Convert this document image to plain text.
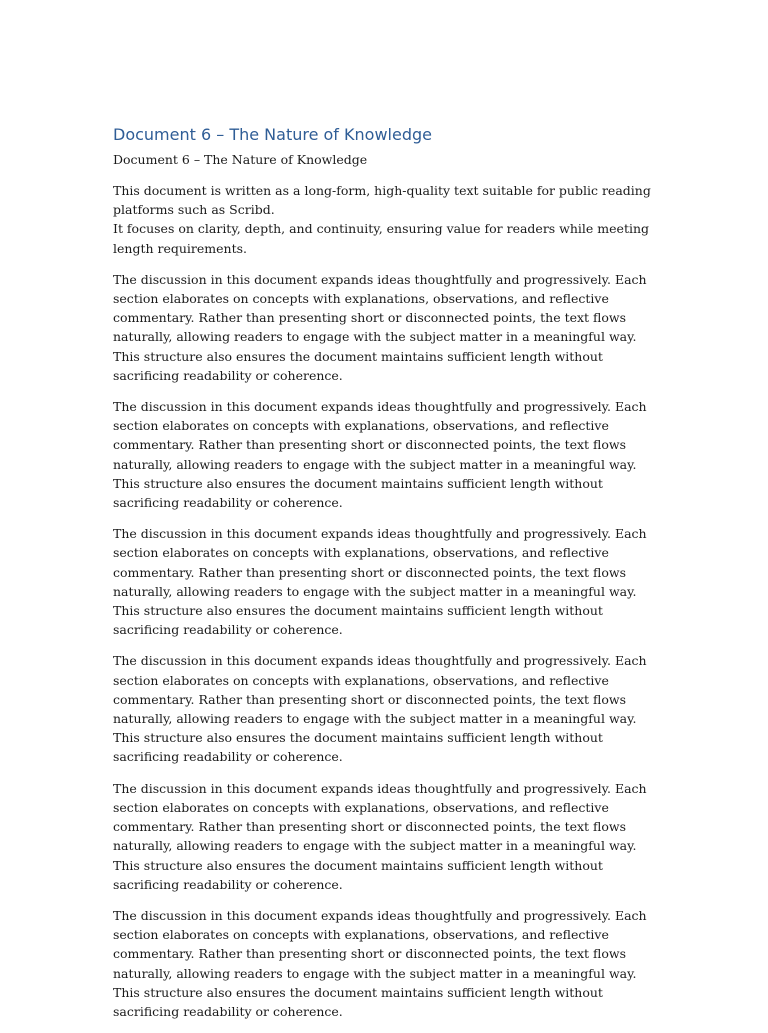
Document 6 – The Nature of Knowledge

Document 6 – The Nature of Knowledge

This document is written as a long-form, high-quality text suitable for public reading platforms such as Scribd.
It focuses on clarity, depth, and continuity, ensuring value for readers while meeting length requirements.

The discussion in this document expands ideas thoughtfully and progressively. Each section elaborates on concepts with explanations, observations, and reflective commentary. Rather than presenting short or disconnected points, the text flows naturally, allowing readers to engage with the subject matter in a meaningful way. This structure also ensures the document maintains sufficient length without sacrificing readability or coherence.

The discussion in this document expands ideas thoughtfully and progressively. Each section elaborates on concepts with explanations, observations, and reflective commentary. Rather than presenting short or disconnected points, the text flows naturally, allowing readers to engage with the subject matter in a meaningful way. This structure also ensures the document maintains sufficient length without sacrificing readability or coherence.

The discussion in this document expands ideas thoughtfully and progressively. Each section elaborates on concepts with explanations, observations, and reflective commentary. Rather than presenting short or disconnected points, the text flows naturally, allowing readers to engage with the subject matter in a meaningful way. This structure also ensures the document maintains sufficient length without sacrificing readability or coherence.

The discussion in this document expands ideas thoughtfully and progressively. Each section elaborates on concepts with explanations, observations, and reflective commentary. Rather than presenting short or disconnected points, the text flows naturally, allowing readers to engage with the subject matter in a meaningful way. This structure also ensures the document maintains sufficient length without sacrificing readability or coherence.

The discussion in this document expands ideas thoughtfully and progressively. Each section elaborates on concepts with explanations, observations, and reflective commentary. Rather than presenting short or disconnected points, the text flows naturally, allowing readers to engage with the subject matter in a meaningful way. This structure also ensures the document maintains sufficient length without sacrificing readability or coherence.

The discussion in this document expands ideas thoughtfully and progressively. Each section elaborates on concepts with explanations, observations, and reflective commentary. Rather than presenting short or disconnected points, the text flows naturally, allowing readers to engage with the subject matter in a meaningful way. This structure also ensures the document maintains sufficient length without sacrificing readability or coherence.
